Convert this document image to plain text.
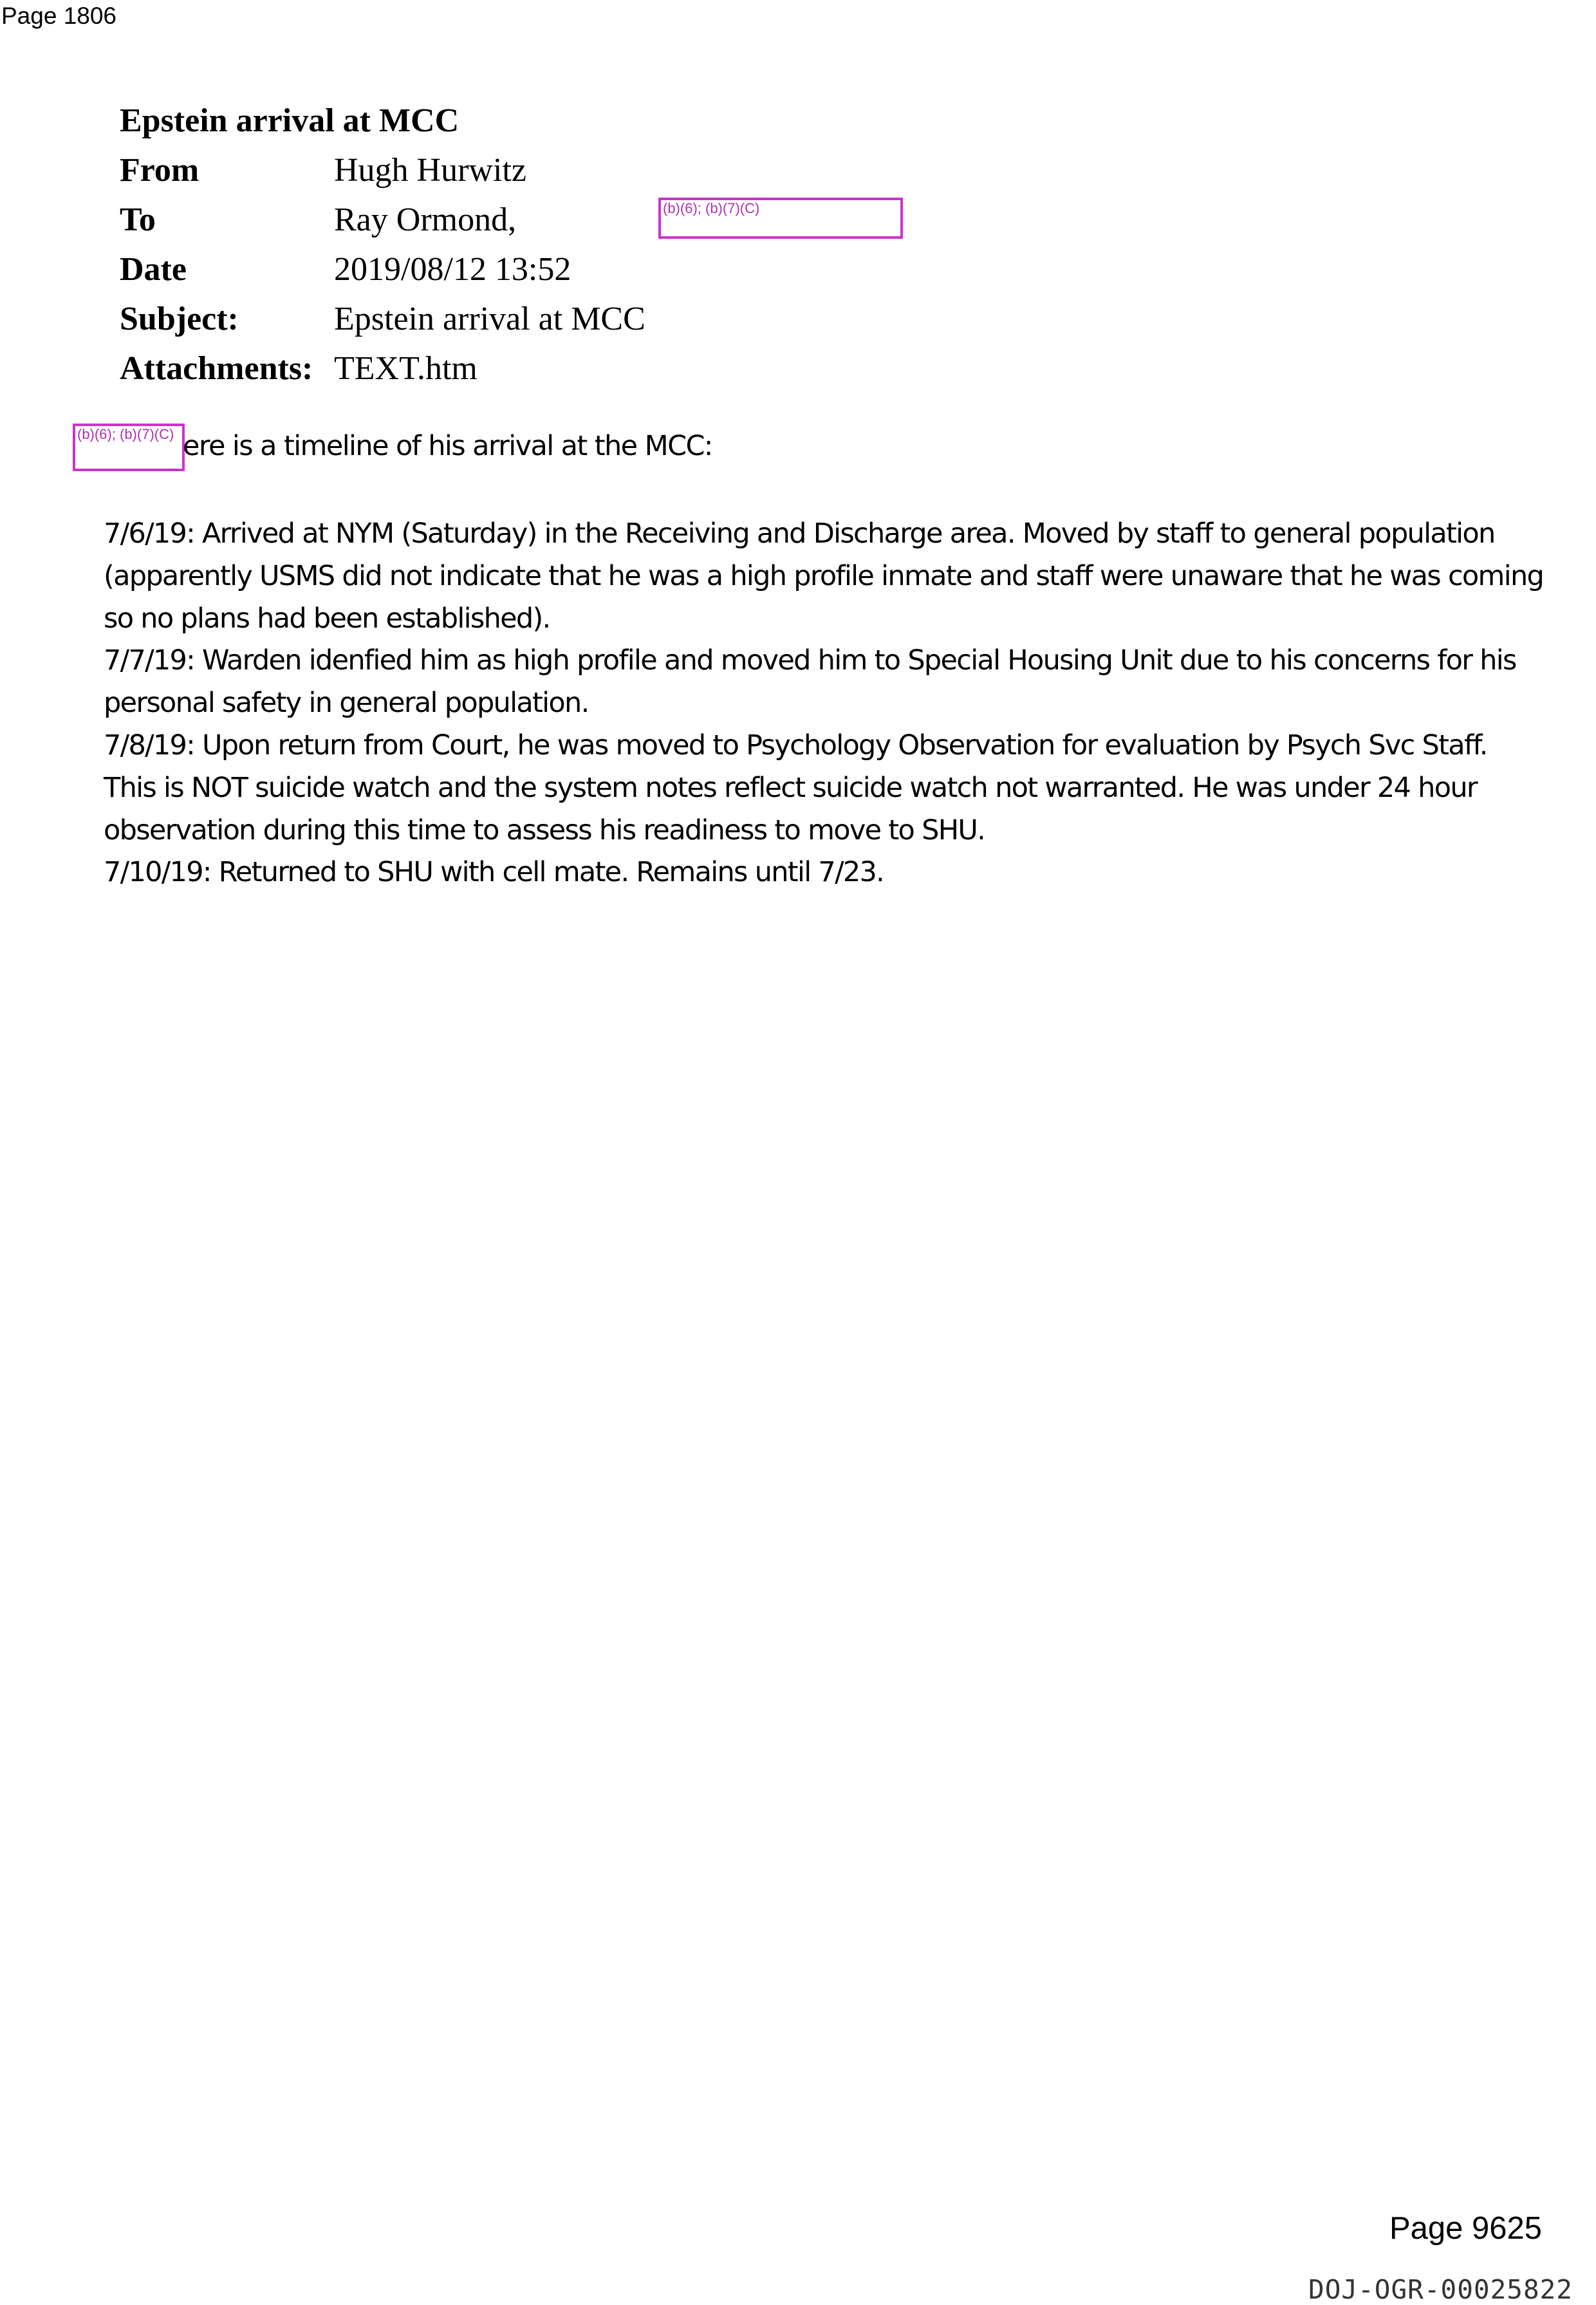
Page 1806
Epstein arrival at MCC
From	Hugh Hurwitz
To	Ray Ormond,
Date	2019/08/12 13:52
Subject:	Epstein arrival at MCC
Attachments: TEXT.htm
(b)(6); (b)(7)(C)
(b)(6); (b)(7)(C) ere is a timeline of his arrival at the MCC:

7/6/19: Arrived at NYM (Saturday) in the Receiving and Discharge area. Moved by staff to general population (apparently USMS did not indicate that he was a high profile inmate and staff were unaware that he was coming so no plans had been established).

7/7/19: Warden idenfied him as high profile and moved him to Special Housing Unit due to his concerns for his personal safety in general population.

7/8/19: Upon return from Court, he was moved to Psychology Observation for evaluation by Psych Svc Staff. This is NOT suicide watch and the system notes reflect suicide watch not warranted. He was under 24 hour observation during this time to assess his readiness to move to SHU.

7/10/19: Returned to SHU with cell mate. Remains until 7/23.

Page 9625
DOJ-OGR-00025822
